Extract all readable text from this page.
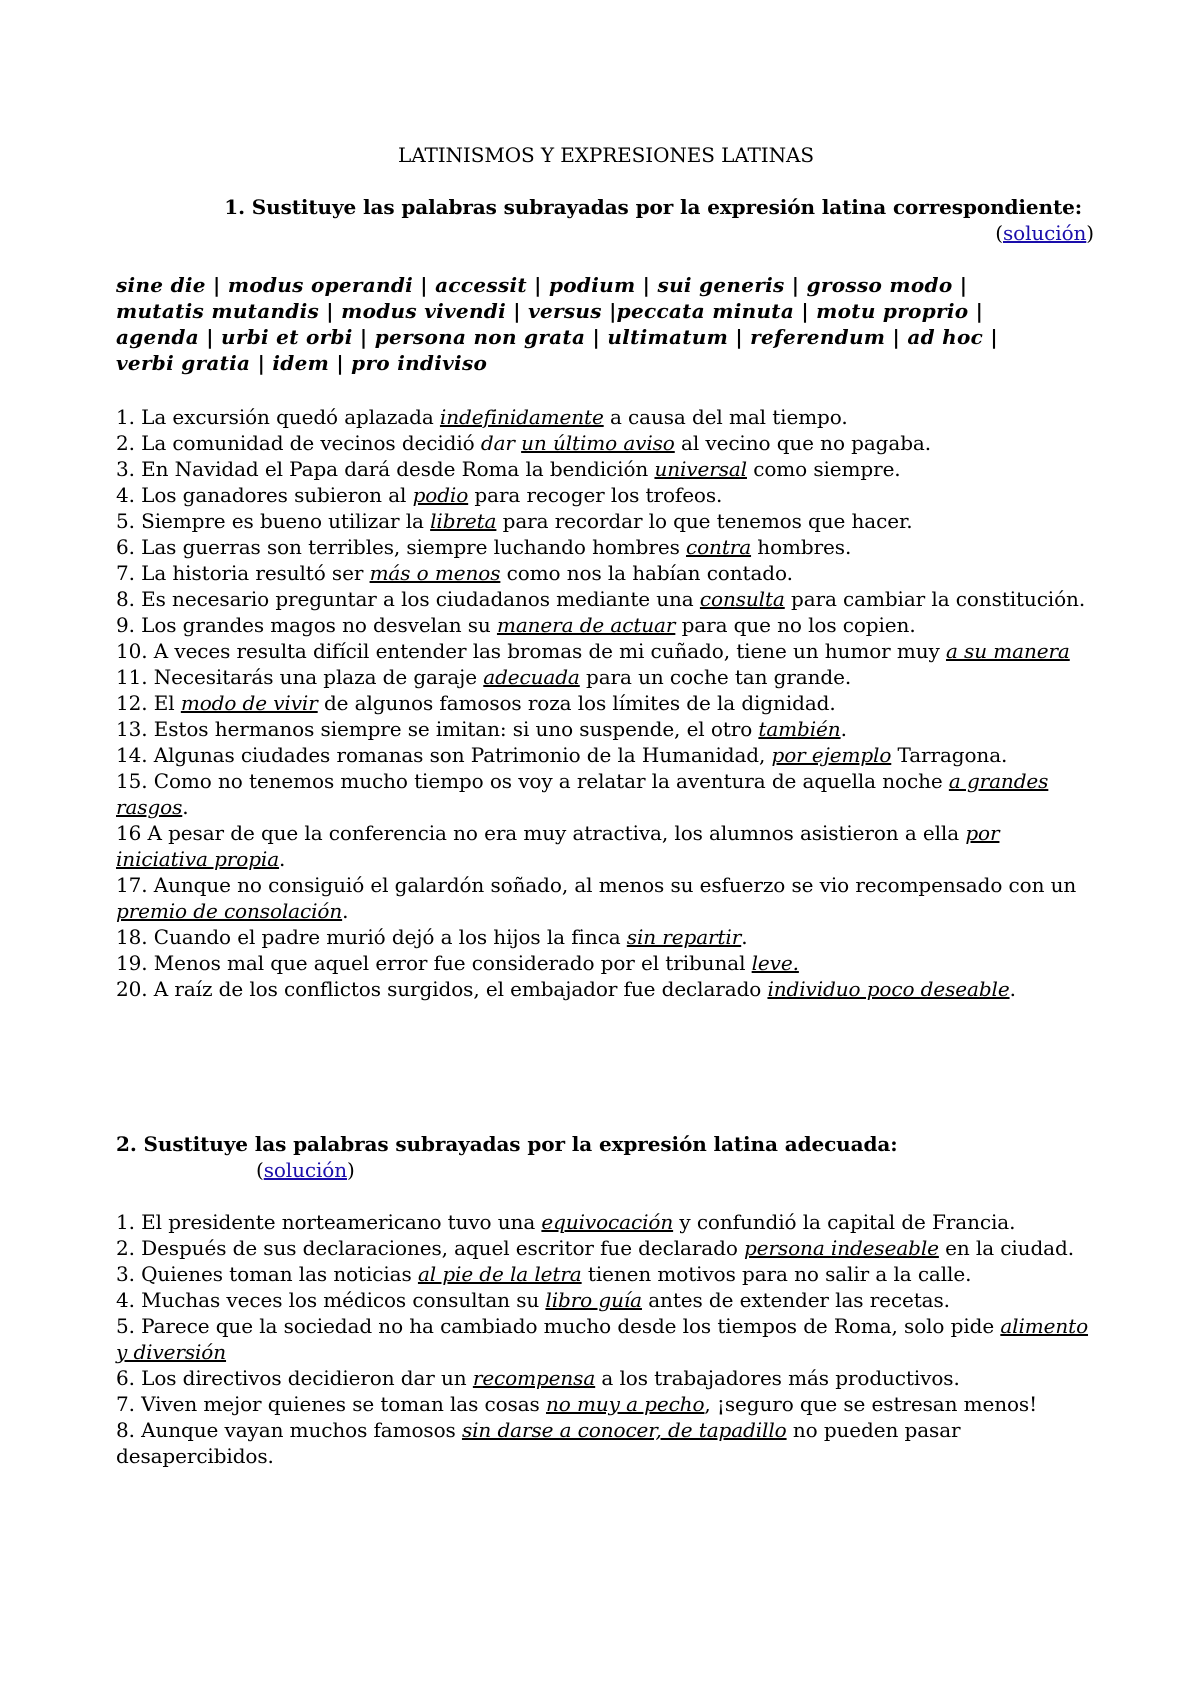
LATINISMOS Y EXPRESIONES LATINAS
1. Sustituye las palabras subrayadas por la expresión latina correspondiente:
(solución)
sine die | modus operandi | accessit | podium | sui generis | grosso modo |
mutatis mutandis | modus vivendi | versus |peccata minuta | motu proprio |
agenda | urbi et orbi | persona non grata | ultimatum | referendum | ad hoc |
verbi gratia | idem | pro indiviso
1. La excursión quedó aplazada indefinidamente a causa del mal tiempo.
2. La comunidad de vecinos decidió dar un último aviso al vecino que no pagaba.
3. En Navidad el Papa dará desde Roma la bendición universal como siempre.
4. Los ganadores subieron al podio para recoger los trofeos.
5. Siempre es bueno utilizar la libreta para recordar lo que tenemos que hacer.
6. Las guerras son terribles, siempre luchando hombres contra hombres.
7. La historia resultó ser más o menos como nos la habían contado.
8. Es necesario preguntar a los ciudadanos mediante una consulta para cambiar la constitución.
9. Los grandes magos no desvelan su manera de actuar para que no los copien.
10. A veces resulta difícil entender las bromas de mi cuñado, tiene un humor muy a su manera
11. Necesitarás una plaza de garaje adecuada para un coche tan grande.
12. El modo de vivir de algunos famosos roza los límites de la dignidad.
13. Estos hermanos siempre se imitan: si uno suspende, el otro también.
14. Algunas ciudades romanas son Patrimonio de la Humanidad, por ejemplo Tarragona.
15. Como no tenemos mucho tiempo os voy a relatar la aventura de aquella noche a grandes rasgos.
16 A pesar de que la conferencia no era muy atractiva, los alumnos asistieron a ella por iniciativa propia.
17. Aunque no consiguió el galardón soñado, al menos su esfuerzo se vio recompensado con un premio de consolación.
18. Cuando el padre murió dejó a los hijos la finca sin repartir.
19. Menos mal que aquel error fue considerado por el tribunal leve.
20. A raíz de los conflictos surgidos, el embajador fue declarado individuo poco deseable.
2. Sustituye las palabras subrayadas por la expresión latina adecuada:
(solución)
1. El presidente norteamericano tuvo una equivocación y confundió la capital de Francia.
2. Después de sus declaraciones, aquel escritor fue declarado persona indeseable en la ciudad.
3. Quienes toman las noticias al pie de la letra tienen motivos para no salir a la calle.
4. Muchas veces los médicos consultan su libro guía antes de extender las recetas.
5. Parece que la sociedad no ha cambiado mucho desde los tiempos de Roma, solo pide alimento y diversión
6. Los directivos decidieron dar un recompensa a los trabajadores más productivos.
7. Viven mejor quienes se toman las cosas no muy a pecho, ¡seguro que se estresan menos!
8. Aunque vayan muchos famosos sin darse a conocer, de tapadillo no pueden pasar desapercibidos.
